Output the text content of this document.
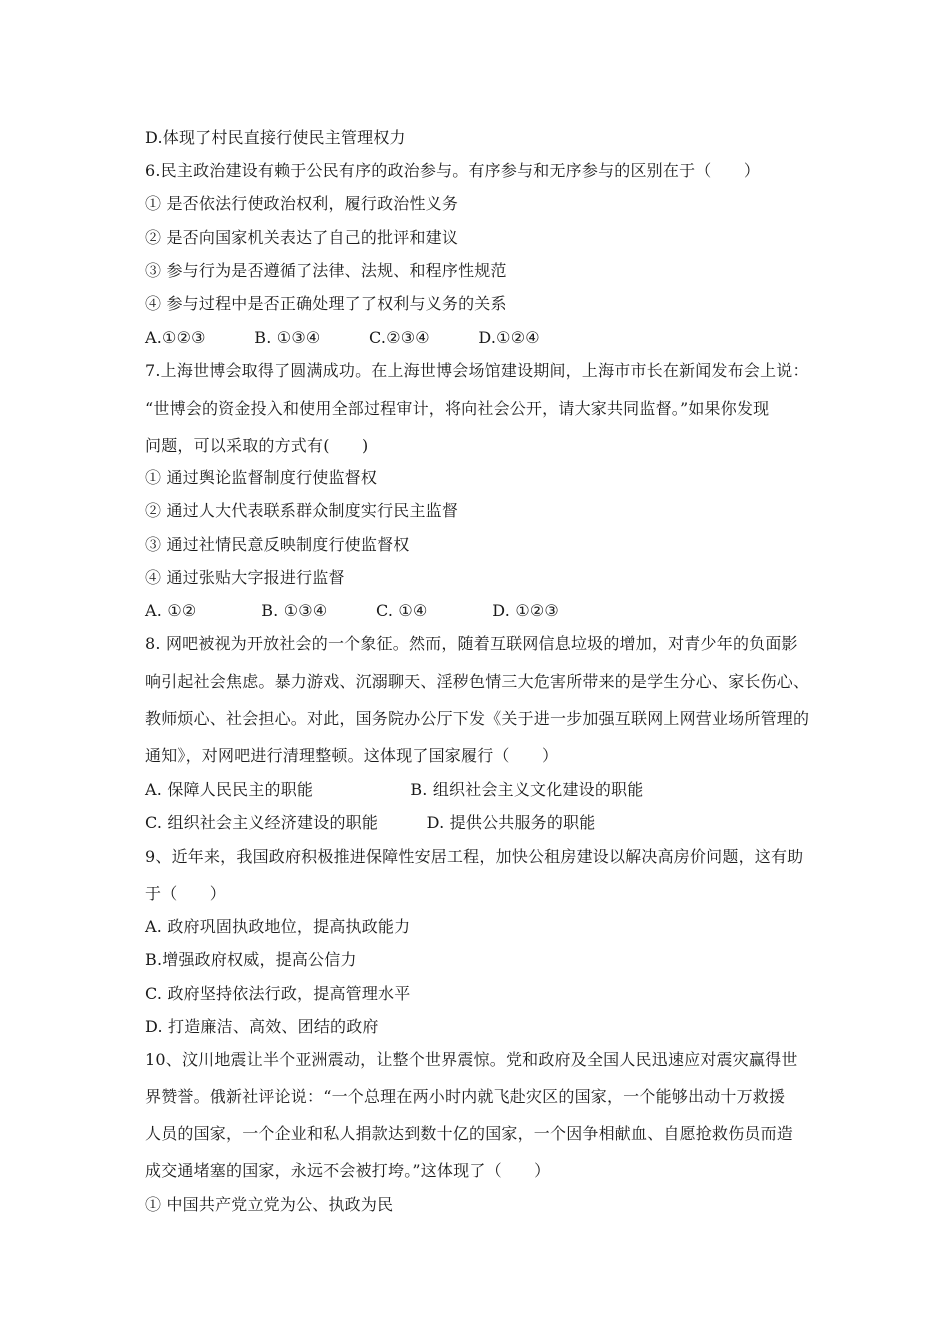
D.体现了村民直接行使民主管理权力
6.民主政治建设有赖于公民有序的政治参与。有序参与和无序参与的区别在于（　　）
① 是否依法行使政治权利，履行政治性义务
② 是否向国家机关表达了自己的批评和建议
③ 参与行为是否遵循了法律、法规、和程序性规范
④ 参与过程中是否正确处理了了权利与义务的关系
A.①②③　　　B. ①③④　　　C.②③④　　　D.①②④
7.上海世博会取得了圆满成功。在上海世博会场馆建设期间，上海市市长在新闻发布会上说：
“世博会的资金投入和使用全部过程审计，将向社会公开，请大家共同监督。”如果你发现
问题，可以采取的方式有(　　)
① 通过舆论监督制度行使监督权
② 通过人大代表联系群众制度实行民主监督
③ 通过社情民意反映制度行使监督权
④ 通过张贴大字报进行监督
A. ①②　　　　B. ①③④　　　C. ①④　　　　D. ①②③
8. 网吧被视为开放社会的一个象征。然而，随着互联网信息垃圾的增加，对青少年的负面影
响引起社会焦虑。暴力游戏、沉溺聊天、淫秽色情三大危害所带来的是学生分心、家长伤心、
教师烦心、社会担心。对此，国务院办公厅下发《关于进一步加强互联网上网营业场所管理的
通知》，对网吧进行清理整顿。这体现了国家履行（　　）
A. 保障人民民主的职能　　　　　　B. 组织社会主义文化建设的职能
C. 组织社会主义经济建设的职能　　　D. 提供公共服务的职能
9、近年来，我国政府积极推进保障性安居工程，加快公租房建设以解决高房价问题，这有助
于（　　）
A. 政府巩固执政地位，提高执政能力
B.增强政府权威，提高公信力
C. 政府坚持依法行政，提高管理水平
D. 打造廉洁、高效、团结的政府
10、汶川地震让半个亚洲震动，让整个世界震惊。党和政府及全国人民迅速应对震灾赢得世
界赞誉。俄新社评论说：“一个总理在两小时内就飞赴灾区的国家，一个能够出动十万救援
人员的国家，一个企业和私人捐款达到数十亿的国家，一个因争相献血、自愿抢救伤员而造
成交通堵塞的国家，永远不会被打垮。”这体现了（　　）
① 中国共产党立党为公、执政为民
